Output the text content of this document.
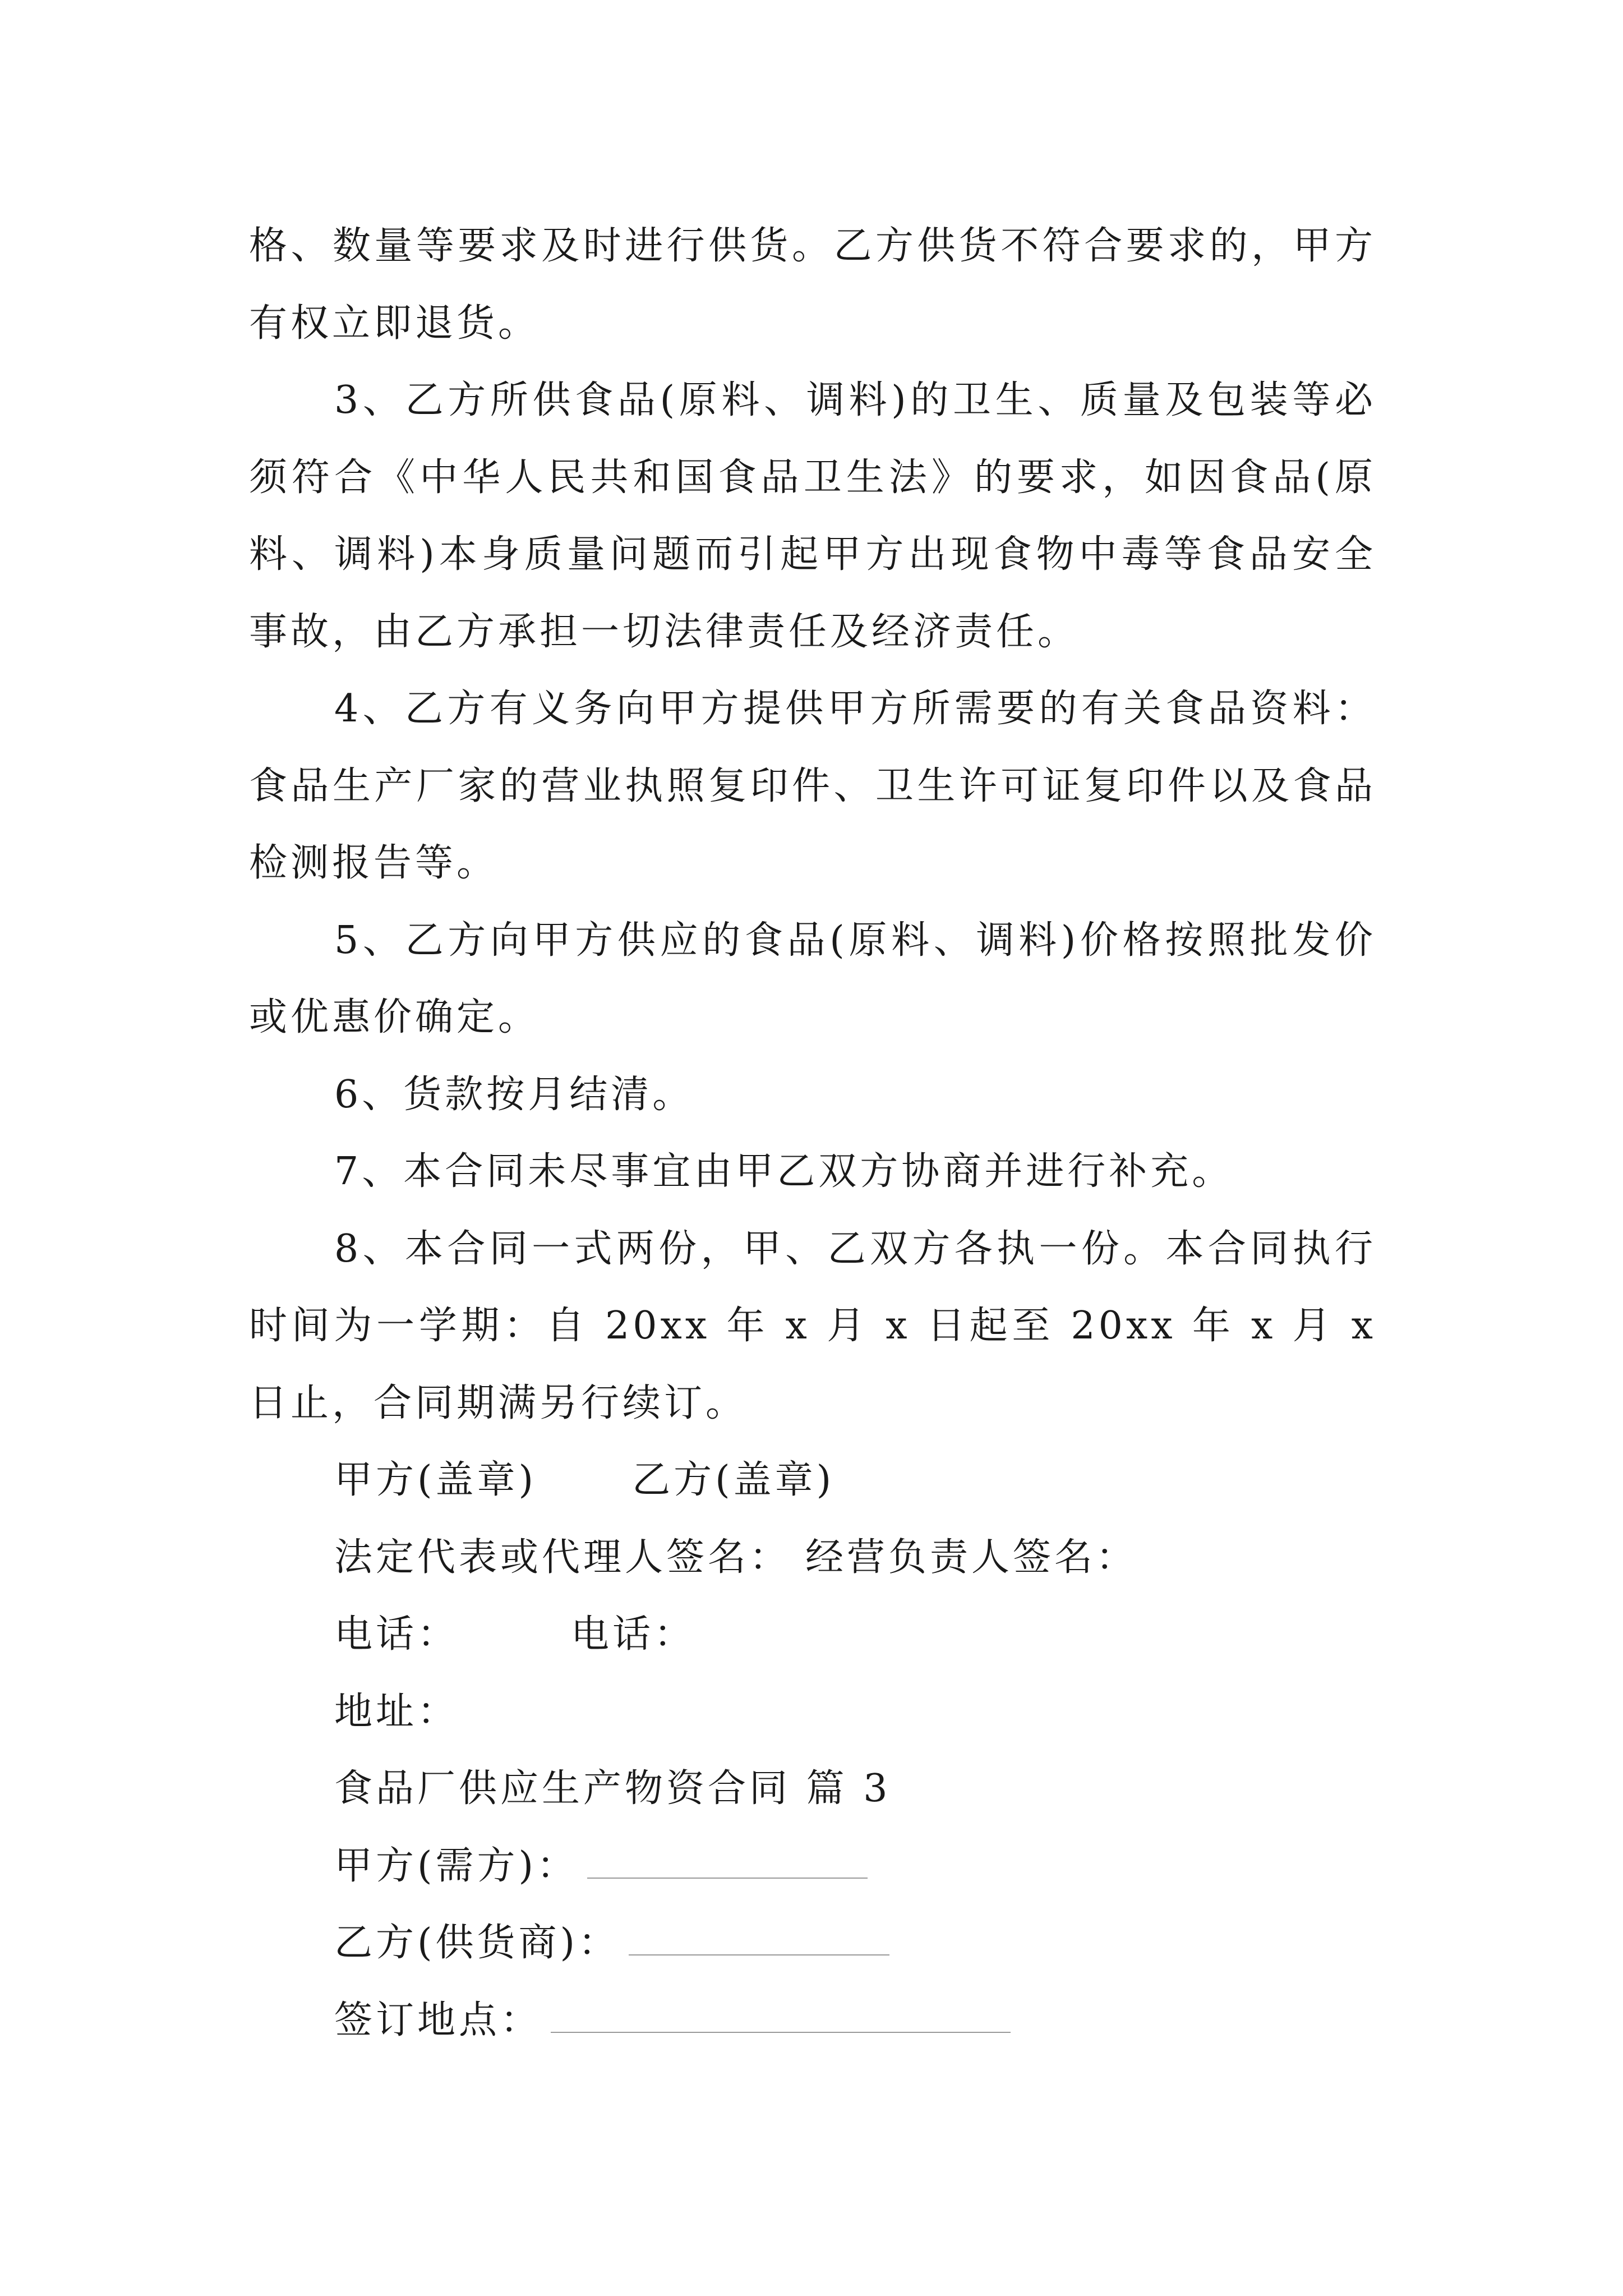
格、数量等要求及时进行供货。乙方供货不符合要求的，甲方有权立即退货。

3、乙方所供食品(原料、调料)的卫生、质量及包装等必须符合《中华人民共和国食品卫生法》的要求，如因食品(原料、调料)本身质量问题而引起甲方出现食物中毒等食品安全事故，由乙方承担一切法律责任及经济责任。

4、乙方有义务向甲方提供甲方所需要的有关食品资料：食品生产厂家的营业执照复印件、卫生许可证复印件以及食品检测报告等。

5、乙方向甲方供应的食品(原料、调料)价格按照批发价或优惠价确定。

6、货款按月结清。

7、本合同未尽事宜由甲乙双方协商并进行补充。

8、本合同一式两份，甲、乙双方各执一份。本合同执行时间为一学期：自 20xx 年 x 月 x 日起至 20xx 年 x 月 x 日止，合同期满另行续订。

甲方(盖章)	乙方(盖章)
法定代表或代理人签名： 经营负责人签名：
电话：	电话：
地址：
食品厂供应生产物资合同 篇 3
甲方(需方)：
乙方(供货商)：
签订地点：
